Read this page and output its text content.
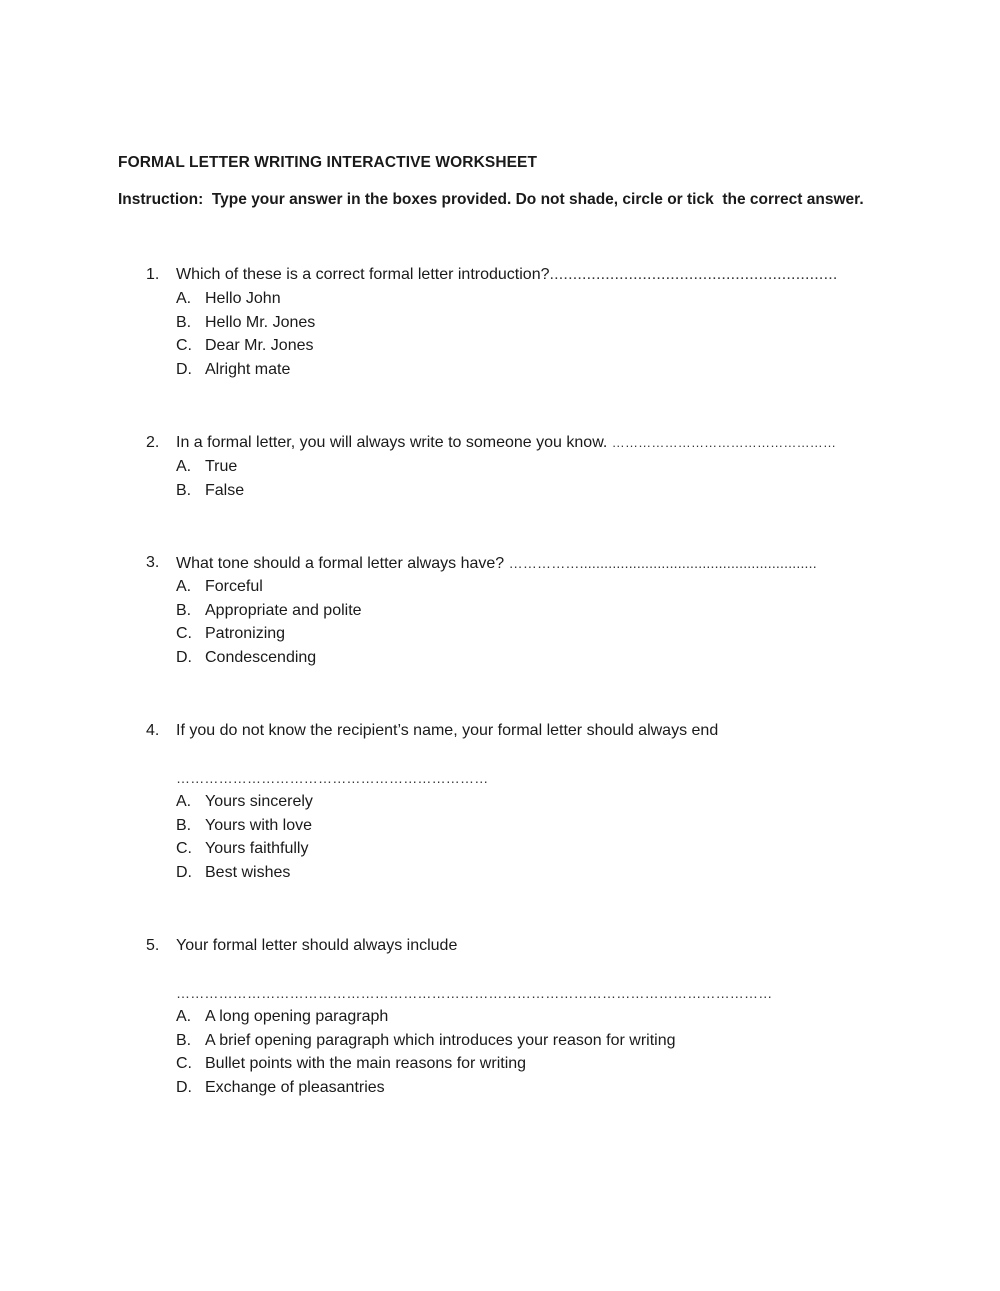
FORMAL LETTER WRITING INTERACTIVE WORKSHEET
Instruction:  Type your answer in the boxes provided. Do not shade, circle or tick  the correct answer.
1. Which of these is a correct formal letter introduction?..............................................................
A. Hello John
B. Hello Mr. Jones
C. Dear Mr. Jones
D. Alright mate
2. In a formal letter, you will always write to someone you know. ……………………………………………
A. True
B. False
3. What tone should a formal letter always have? ……………..........................................................
A. Forceful
B. Appropriate and polite
C. Patronizing
D. Condescending
4. If you do not know the recipient’s name, your formal letter should always end
…………………………………………………………
A. Yours sincerely
B. Yours with love
C. Yours faithfully
D. Best wishes
5. Your formal letter should always include
………………………………………………………………………………………………………………
A. A long opening paragraph
B. A brief opening paragraph which introduces your reason for writing
C. Bullet points with the main reasons for writing
D. Exchange of pleasantries
